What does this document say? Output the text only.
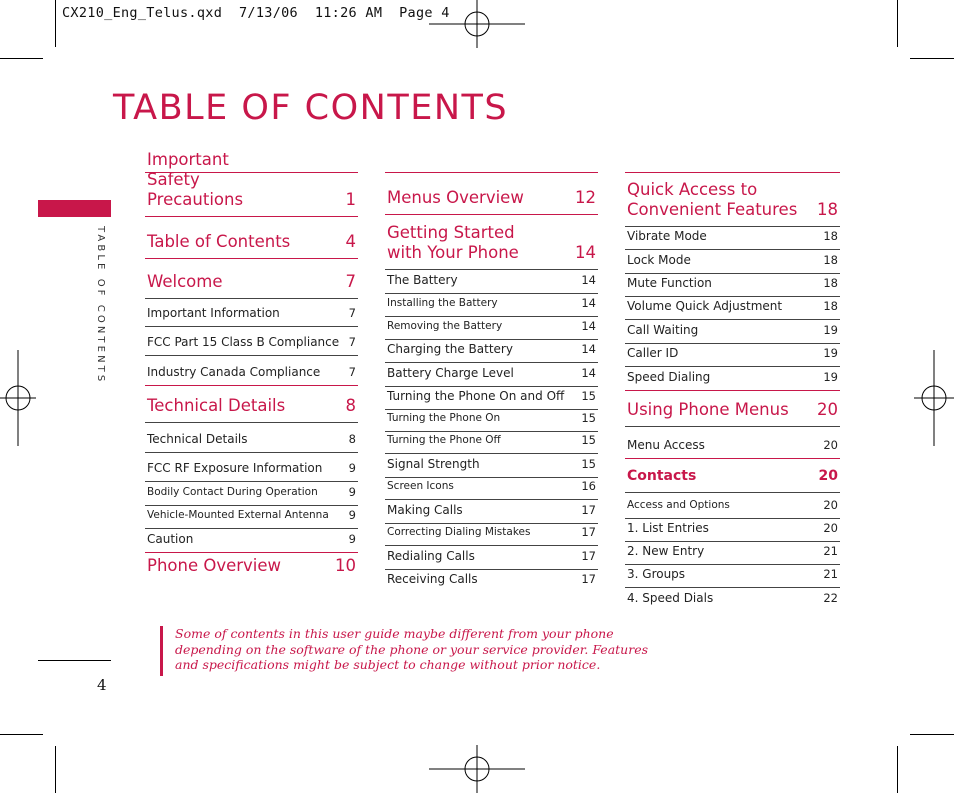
CX210_Eng_Telus.qxd  7/13/06  11:26 AM  Page 4
TABLE OF CONTENTS
TABLE OF CONTENTS
4
Important Safety Precautions	1
Table of Contents	4
Welcome	7
Important Information	7
FCC Part 15 Class B Compliance 7
Industry Canada Compliance 7
Technical Details	8
Technical Details	8
FCC RF Exposure Information 9
Bodily Contact During Operation	9
Vehicle-Mounted External Antenna 9
Caution	9
Phone Overview	10
Menus Overview	12
Getting Started with Your Phone	14
The Battery	14
Installing the Battery	14
Removing the Battery	14
Charging the Battery	14
Battery Charge Level	14
Turning the Phone On and Off 15
Turning the Phone On	15
Turning the Phone Off	15
Signal Strength	15
Screen Icons	16
Making Calls	17
Correcting Dialing Mistakes	17
Redialing Calls	17
Receiving Calls	17
Quick Access to Convenient Features	18
Vibrate Mode	18
Lock Mode	18
Mute Function	18
Volume Quick Adjustment	18
Call Waiting	19
Caller ID	19
Speed Dialing	19
Using Phone Menus	20
Menu Access	20
Contacts	20
Access and Options	20
1. List Entries	20
2. New Entry	21
3. Groups	21
4. Speed Dials	22
Some of contents in this user guide maybe different from your phone
depending on the software of the phone or your service provider. Features
and specifications might be subject to change without prior notice.
